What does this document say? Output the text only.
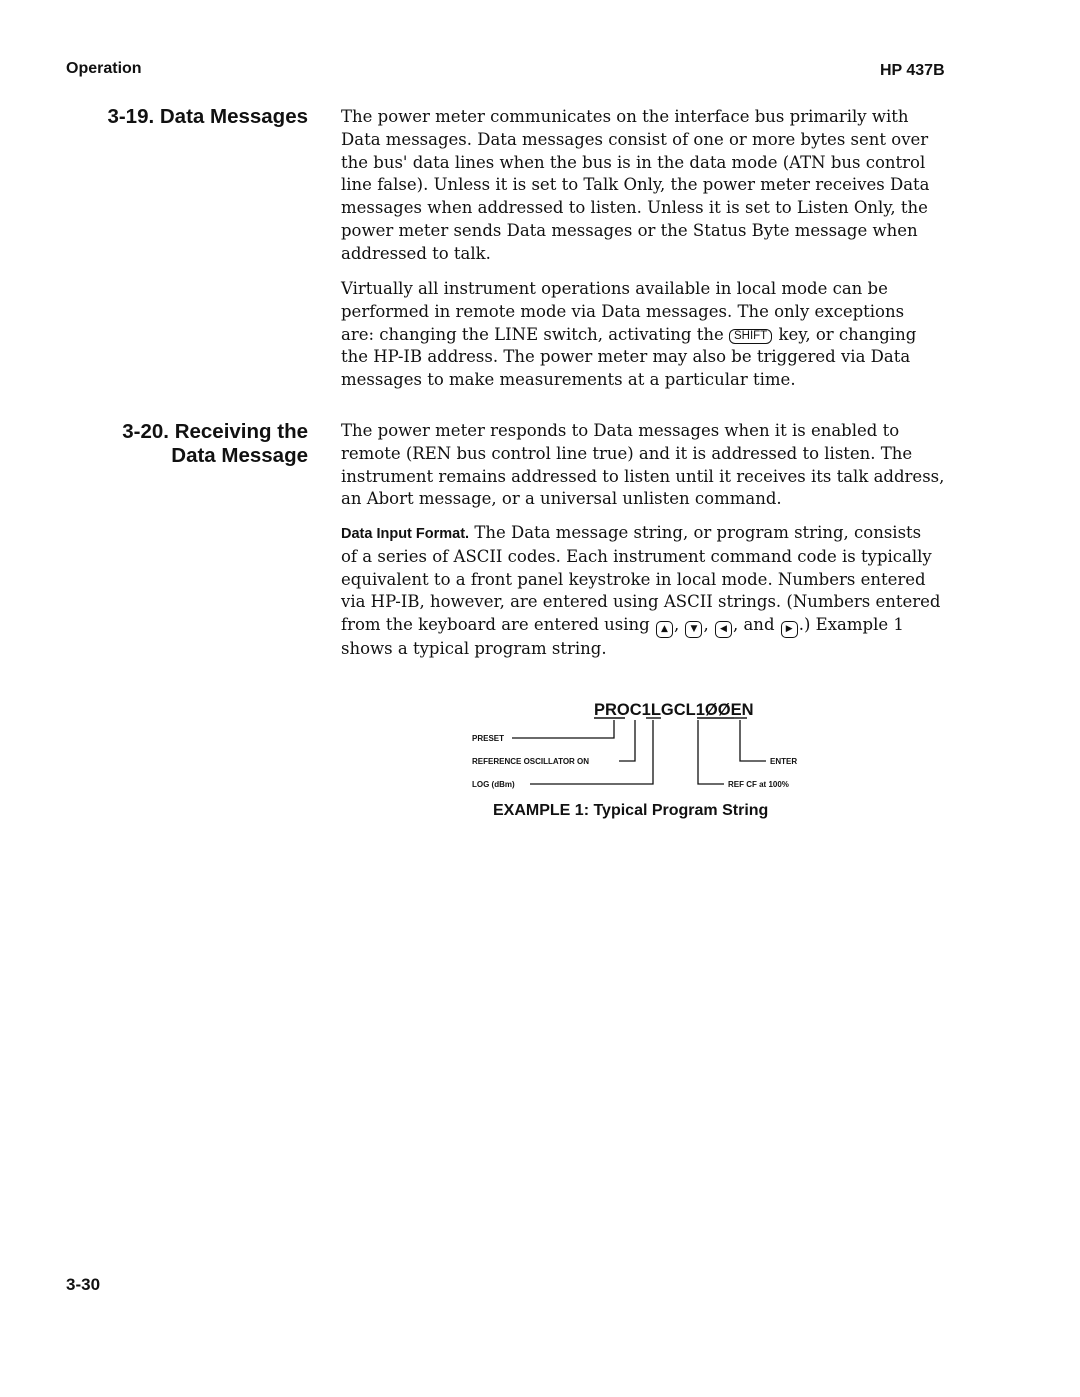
Operation	HP 437B
3-19. Data Messages The power meter communicates on the interface bus primarily with
Data messages. Data messages consist of one or more bytes sent over
the bus' data lines when the bus is in the data mode (ATN bus control
line false). Unless it is set to Talk Only, the power meter receives Data
messages when addressed to listen. Unless it is set to Listen Only, the
power meter sends Data messages or the Status Byte message when
addressed to talk.
Virtually all instrument operations available in local mode can be
performed in remote mode via Data messages. The only exceptions
are: changing the LINE switch, activating the SHIFT key, or changing
the HP-IB address. The power meter may also be triggered via Data
messages to make measurements at a particular time.
3-20. Receiving the
Data Message
The power meter responds to Data messages when it is enabled to
remote (REN bus control line true) and it is addressed to listen. The
instrument remains addressed to listen until it receives its talk address,
an Abort message, or a universal unlisten command.
Data Input Format. The Data message string, or program string, consists
of a series of ASCII codes. Each instrument command code is typically
equivalent to a front panel keystroke in local mode. Numbers entered
via HP-IB, however, are entered using ASCII strings. (Numbers entered
from the keyboard are entered using ▲ , ▼ , ◀ , and ▶ .) Example 1
shows a typical program string.
PROC1LGCL1ØØEN
PRESET
REFERENCE OSCILLATOR ON
LOG (dBm)
ENTER
REF CF at 100%
EXAMPLE 1: Typical Program String
3-30
